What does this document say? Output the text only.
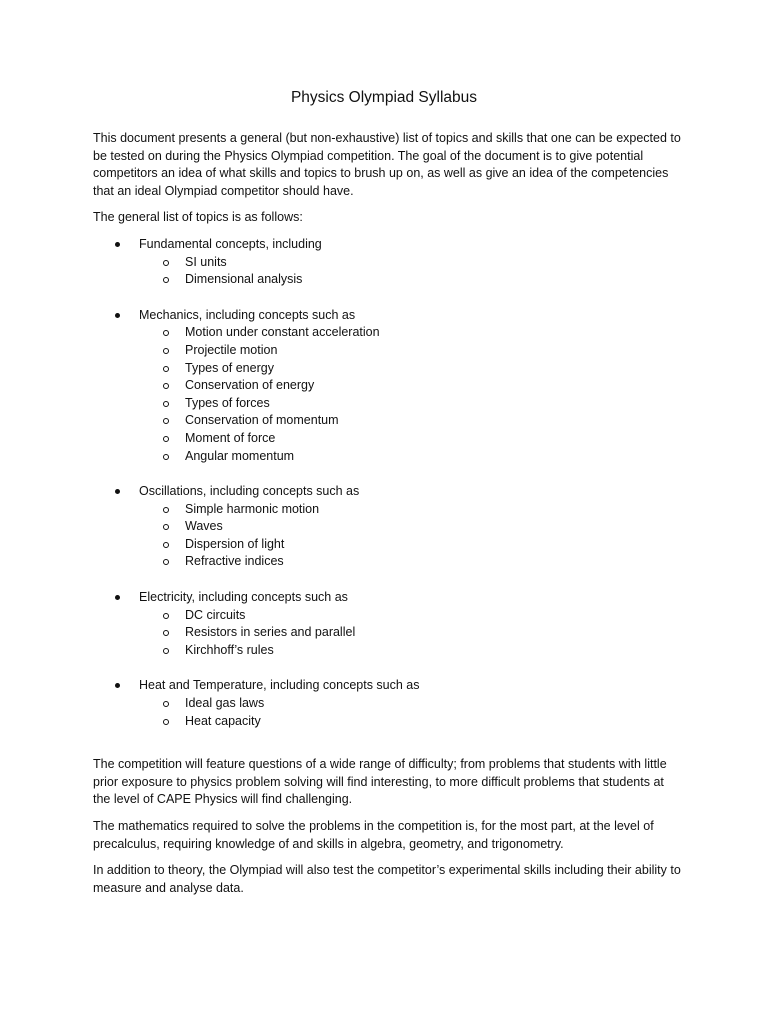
Physics Olympiad Syllabus

This document presents a general (but non-exhaustive) list of topics and skills that one can be expected to be tested on during the Physics Olympiad competition. The goal of the document is to give potential competitors an idea of what skills and topics to brush up on, as well as give an idea of the competencies that an ideal Olympiad competitor should have.

The general list of topics is as follows:

Fundamental concepts, including
SI units
Dimensional analysis
Mechanics, including concepts such as
Motion under constant acceleration
Projectile motion
Types of energy
Conservation of energy
Types of forces
Conservation of momentum
Moment of force
Angular momentum
Oscillations, including concepts such as
Simple harmonic motion
Waves
Dispersion of light
Refractive indices
Electricity, including concepts such as
DC circuits
Resistors in series and parallel
Kirchhoff’s rules
Heat and Temperature, including concepts such as
Ideal gas laws
Heat capacity

The competition will feature questions of a wide range of difficulty; from problems that students with little prior exposure to physics problem solving will find interesting, to more difficult problems that students at the level of CAPE Physics will find challenging.

The mathematics required to solve the problems in the competition is, for the most part, at the level of precalculus, requiring knowledge of and skills in algebra, geometry, and trigonometry.

In addition to theory, the Olympiad will also test the competitor’s experimental skills including their ability to measure and analyse data.
